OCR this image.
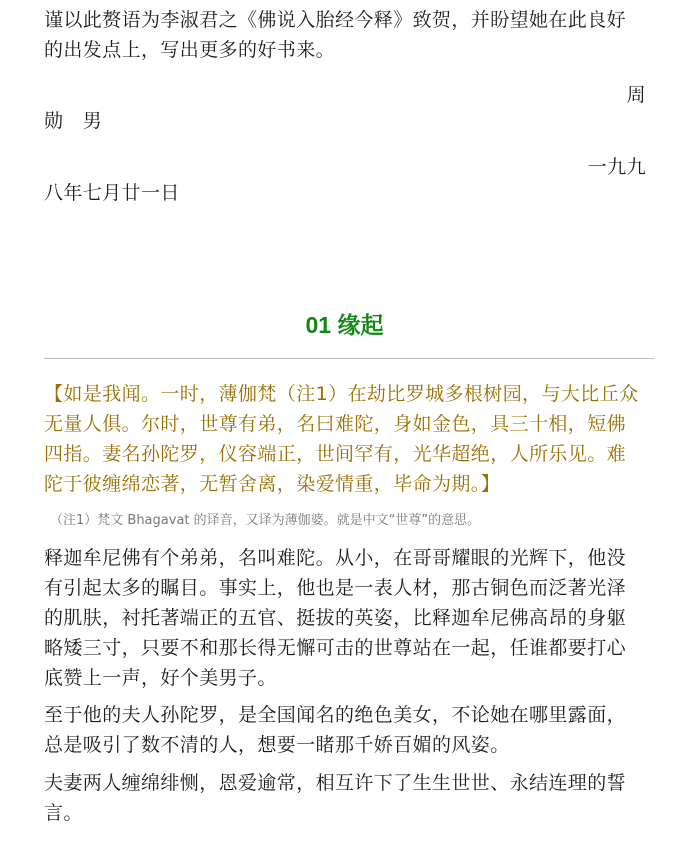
谨以此赘语为李淑君之《佛说入胎经今释》致贺，并盼望她在此良好
的出发点上，写出更多的好书来。
周
勋　男
一九九
八年七月廿一日
01 缘起
【如是我闻。一时，薄伽梵（注1）在劫比罗城多根树园，与大比丘众
无量人俱。尔时，世尊有弟，名曰难陀，身如金色，具三十相，短佛
四指。妻名孙陀罗，仪容端正，世间罕有，光华超绝，人所乐见。难
陀于彼缠绵恋著，无暂舍离，染爱情重，毕命为期。】

（注1）梵文 Bhagavat 的译音，又译为薄伽婆。就是中文“世尊”的意思。

释迦牟尼佛有个弟弟，名叫难陀。从小，在哥哥耀眼的光辉下，他没
有引起太多的瞩目。事实上，他也是一表人材，那古铜色而泛著光泽
的肌肤，衬托著端正的五官、挺拔的英姿，比释迦牟尼佛高昂的身躯
略矮三寸，只要不和那长得无懈可击的世尊站在一起，任谁都要打心
底赞上一声，好个美男子。
至于他的夫人孙陀罗，是全国闻名的绝色美女，不论她在哪里露面，
总是吸引了数不清的人，想要一睹那千娇百媚的风姿。
夫妻两人缠绵绯恻，恩爱逾常，相互许下了生生世世、永结连理的誓
言。
